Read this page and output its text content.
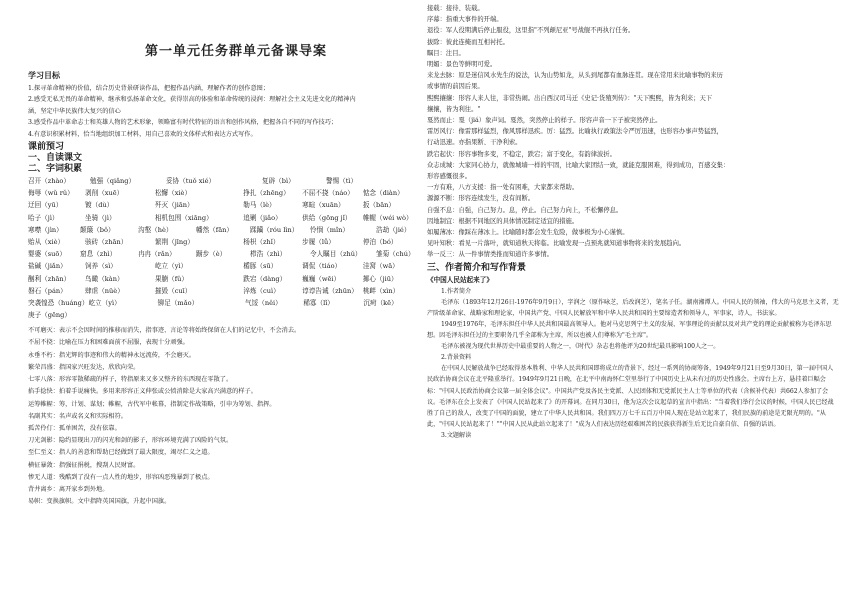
第一单元任务群单元备课导案

学习目标

1.探寻革命精神的价值，结合历史背景研读作品，把握作品内涵，理解作者的创作意图；

2.感受无私无畏的革命精神，继承和弘扬革命文化，获得崇高的体验和革命传统的浸润：理解社会主义先进文化的精神内

涵，坚定中华民族伟大复兴的信心

3.感受作品中革命志士和英雄人物的艺术形象，领略富有时代特征的语言和创作风格，把握各自不同的写作技巧；

4.有意识积累材料，恰当地组织加工材料，用自己喜欢的文体样式和表达方式写作。

课前预习

一、自读课文

二、字词积累

召开（zhào）	勉强（qiǎng）	妥协（tuǒ xié）	复辟（bì）	警惕（tì）
侮辱（wǔ rǔ）	剥削（xuē）	松懈（xiè）	挣扎（zhēng）	不屈不挠（náo）	惦念（diàn）
迂回（yū）	镀（dù）	歼灭（jiān）	勒马（lè）	寒暄（xuān）	扳（bān）
哈子（jì）	坐骑（jì）	相机包围（xiāng）	追剿（jiǎo）	供给（gōng jǐ）	帷幄（wéi wò）
寒噤（jìn）	颠簸（bǒ）	沟壑（hè）	幡然（fān）	蹂躏（róu lìn）	怜悯（mǐn）	浩劫（jié）
贻从（xiè）	骇砖（zhān）	繁荆（jīng）	杨枳（zhǐ）	步履（lǚ）	停泊（bó）
婴婆（suō）	窟息（zhì）	冉冉（rǎn）	蹰步（è）	栉浩（zhì）	令人瞩目（zhǔ）	雏菊（chú）
盐碱（jiǎn）	饲养（sì）	屹立（yì）	楯豚（sū）	调侃（tiáo）	洼窝（wā）
酗利（zhān）	鸟瞰（kàn）	果腩（fǔ）	跌宕（dàng）	巍巍（wēi）	揶心（jiū）
磐石（pán）	肆虐（nüè）	摧毁（cuī）	淬炼（cuì）	谆谆告诫（zhūn） 桃衅（xìn）
突袭惶恐（huáng） 屹立（yì）	铆足（mǎo）	气馁（něi）	稀寡（lǐ）	沉疴（kē）
庚子（gēng）

不可磨灭：表示不会因时间的推移而消失，指事迹、言论等将始终保留在人们的记忆中，不会消去。

不屈不挠：比喻在压力和困难面前不屈服，表现十分顽强。

永垂不朽：指光辉的事迹和伟大的精神永远流传，不会磨灭。

繁荣昌盛：指国家兴旺发达，欣欣向荣。

七零八落：形容零散稀疏的样子，特指原来又多又整齐的东西现在零散了。

掐手捻快：拍着手说痛快。多用来形容正义伸张或公愤消除是大家高兴满意的样子。

运筹帷幄：筹，计划、谋划；帷幄，古代军中帐幕，指制定作战策略，引申为筹划、指挥。

名副其实：名声或名义和实际相符。

孤苦伶仃：孤单困苦，没有依靠。

刀光剑影：隐约显现出刀的闪光和剑的影子，形容环境充满了凶险的气氛。

至仁至义：指人的善意和帮助已经做到了最大限度，竭尽仁义之道。

横征暴敛：指强征捐税，搜刮人民财富。

惨无人道：残酷到了没有一点人性的地步，形容凶恶残暴到了极点。

背井离乡：离开家乡到外地。

易帜：变换旗帜。文中指降英国国旗，升起中国旗。

接载：接待、装载。

序幕：指重大事件的开端。

退役：军人役期满后停止服役，这里指"不列颠尼亚"号战舰不再执行任务。

拔除：彼此连掩而互相衬托。

瞩目：注目。

明媚：景色等鲜明可爱。

来龙去脉：原是迷信风水先生的说法，认为山势如龙，从头到尾都有血脉连贯。现在常用来比喻事物的来历

或事情的前因后果。

熙熙攘攘：形容人来人往，非常热闹。出自西汉司马迁《史记·货殖列传》："天下熙熙，皆为利来；天下

攘攘，皆为利往。"

戛然而止：戛（jiá）象声词。戛然，突然停止的样子。形容声音一下子被突然停止。

雷厉风行：像雷那样猛烈，像风那样迅疾。厉：猛烈。比喻执行政策法令严厉迅速，也形容办事声势猛烈，

行动迅速。亦指果断、干净利索。

跌宕起伏：形容事物多变，不稳定，跌宕；富于变化，有韵律波折。

众志成城：大家同心协力，就像城墙一样的牢固，比喻大家团结一致，就能克服困难，得到成功，百感交集：

形容感慨很多。

一方有难，八方支援：指一处有困难，大家都来帮助。

源源不断：形容连续发生，没有间断。

自强不息：自强，自己努力。息，停止。自己努力向上，不松懈停息。

因地制宜：根据不同地区的具体情况制定适宜的措施。

如履薄冰：像踩在薄冰上。比喻随时都会发生危险，做事极为小心谨慎。

见叶知秋：看见一片落叶，就知道秋天将临。比喻发现一点预兆就知道事物将来的发展趋向。

举一反三：从一件事情类推而知道许多事情。

三、作者简介和写作背景

《中国人民站起来了》

1.作者简介

毛泽东（1893年12月26日-1976年9月9日），字润之（原作咏芝，后改润芝），笔名子任。湖南湘潭人。中国人民的领袖，伟大的马克思主义者，无产阶级革命家、战略家和理论家，中国共产党、中国人民解放军和中华人民共和国的主要缔造者和领导人，军事家，诗人，书法家。

1949至1976年，毛泽东担任中华人民共和国最高领导人。他对马克思列宁主义的发展、军事理论的贡献以及对共产党的理论贡献被称为毛泽东思想。因毛泽东担任过的主要职务几乎全部称为主席，所以也被人们尊称为"毛主席"。

毛泽东被视为现代世界历史中最重要的人物之一，《时代》杂志也将他评为20世纪最具影响100人之一。

2.背景资料

在中国人民解放战争已经取得基本胜利、中华人民共和国即将成立的背景下，经过一系列的协商筹备，1949年9月21日至9月30日，第一届中国人民政治协商会议在北平隆重举行。1949年9月21日晚，在北平中南海怀仁堂里举行了中国历史上从未有过的历史性盛会。主席台上方，悬挂着巨幅会标："中国人民政治协商会议第一届全体会议"。中国共产党及各民主党派、人民团体和无党派民主人士等单位的代表（含候补代表）共662人参加了会议。毛泽东在会上发表了《中国人民站起来了》的开幕词。在同月30日，他为这次会议起草的宣言中指出："当着我们举行会议的时候，中国人民已经战胜了自己的敌人，改变了中国的面貌，建立了中华人民共和国。我们四万万七千五百万中国人现在是站立起来了，我们民族的前途是无限光明的。"从此，"中国人民站起来了！""中国人民从此站立起来了！"成为人们表达历经艰难困苦的民族获得新生后无比自豪自信、自强的话语。

3.文题解读
